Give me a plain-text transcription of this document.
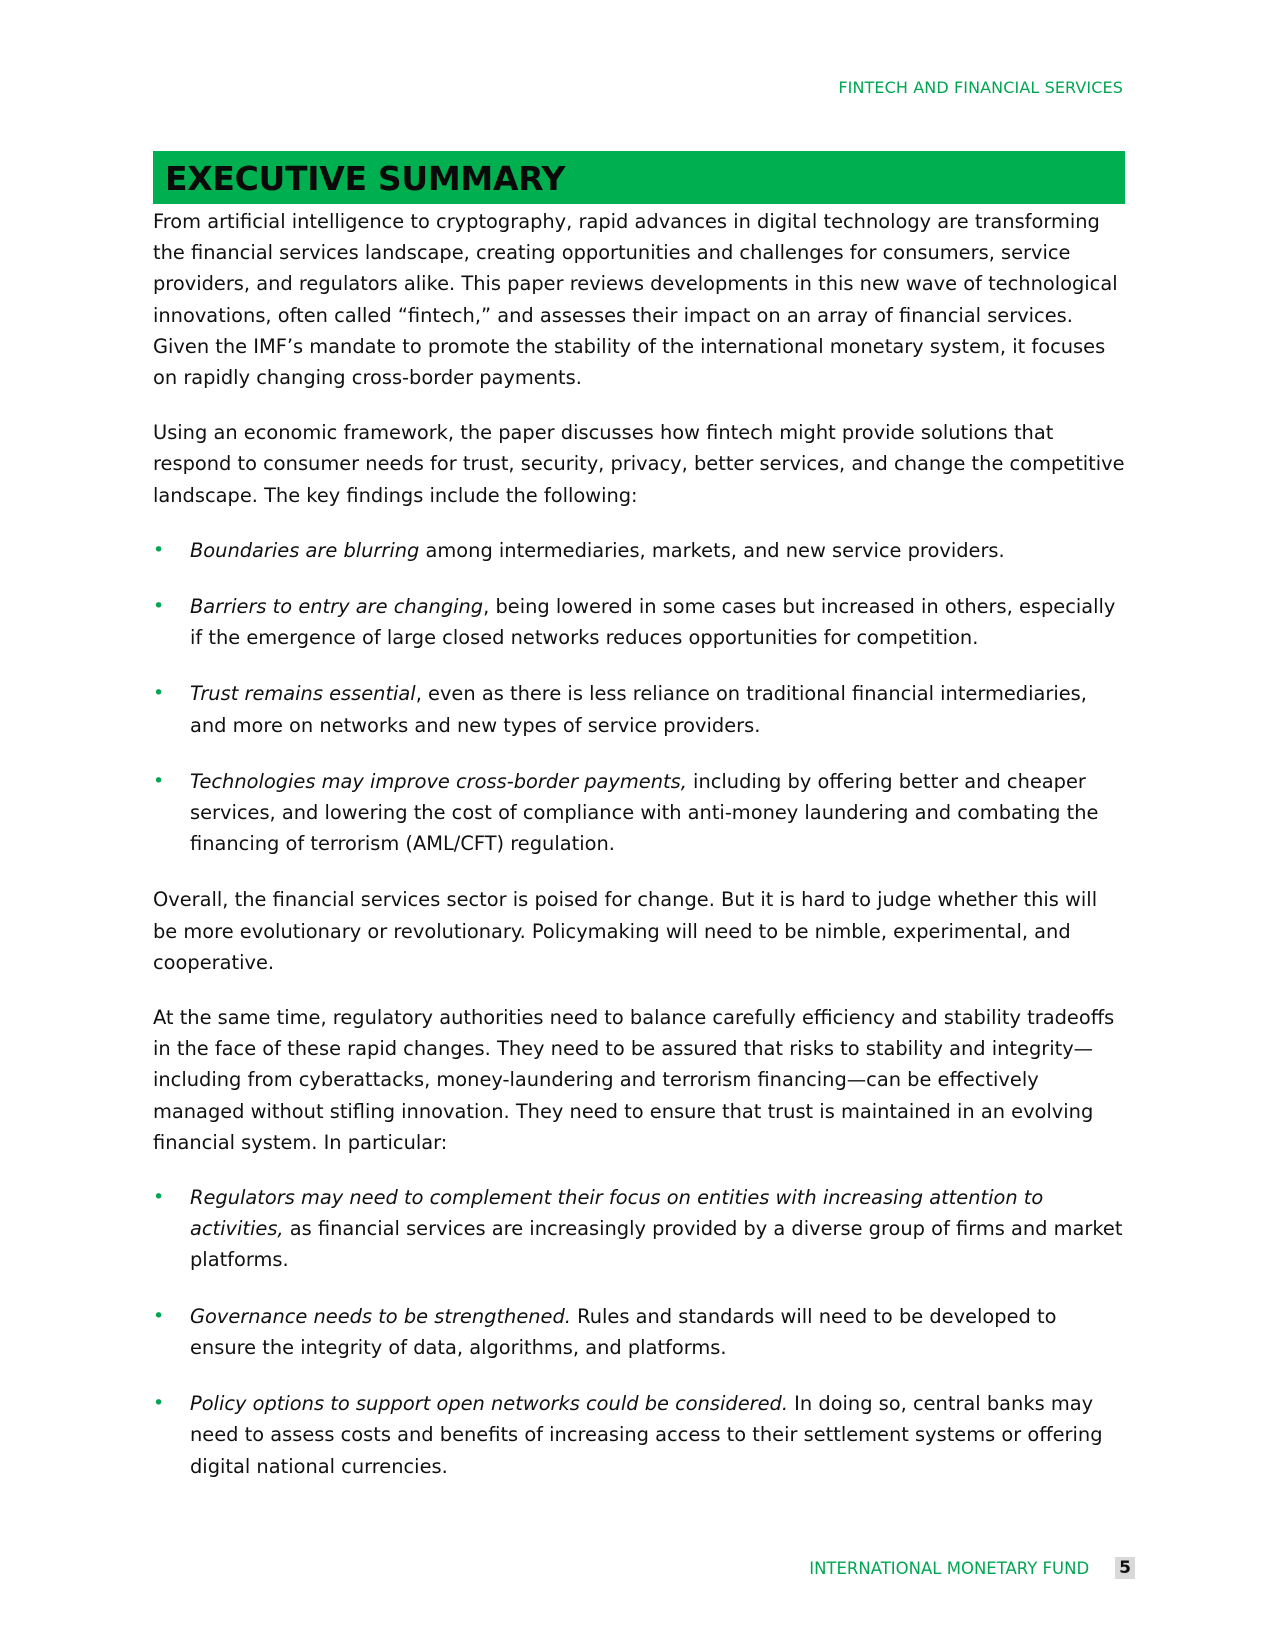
FINTECH AND FINANCIAL SERVICES
EXECUTIVE SUMMARY

From artificial intelligence to cryptography, rapid advances in digital technology are transforming the financial services landscape, creating opportunities and challenges for consumers, service providers, and regulators alike. This paper reviews developments in this new wave of technological innovations, often called “fintech,” and assesses their impact on an array of financial services. Given the IMF’s mandate to promote the stability of the international monetary system, it focuses on rapidly changing cross-border payments.

Using an economic framework, the paper discusses how fintech might provide solutions that respond to consumer needs for trust, security, privacy, better services, and change the competitive landscape. The key findings include the following:

• Boundaries are blurring among intermediaries, markets, and new service providers.
• Barriers to entry are changing, being lowered in some cases but increased in others, especially if the emergence of large closed networks reduces opportunities for competition.
• Trust remains essential, even as there is less reliance on traditional financial intermediaries, and more on networks and new types of service providers.
• Technologies may improve cross-border payments, including by offering better and cheaper services, and lowering the cost of compliance with anti-money laundering and combating the financing of terrorism (AML/CFT) regulation.

Overall, the financial services sector is poised for change. But it is hard to judge whether this will be more evolutionary or revolutionary. Policymaking will need to be nimble, experimental, and cooperative.

At the same time, regulatory authorities need to balance carefully efficiency and stability tradeoffs in the face of these rapid changes. They need to be assured that risks to stability and integrity—including from cyberattacks, money-laundering and terrorism financing—can be effectively managed without stifling innovation. They need to ensure that trust is maintained in an evolving financial system. In particular:

• Regulators may need to complement their focus on entities with increasing attention to activities, as financial services are increasingly provided by a diverse group of firms and market platforms.
• Governance needs to be strengthened. Rules and standards will need to be developed to ensure the integrity of data, algorithms, and platforms.
• Policy options to support open networks could be considered. In doing so, central banks may need to assess costs and benefits of increasing access to their settlement systems or offering digital national currencies.
INTERNATIONAL MONETARY FUND 5
